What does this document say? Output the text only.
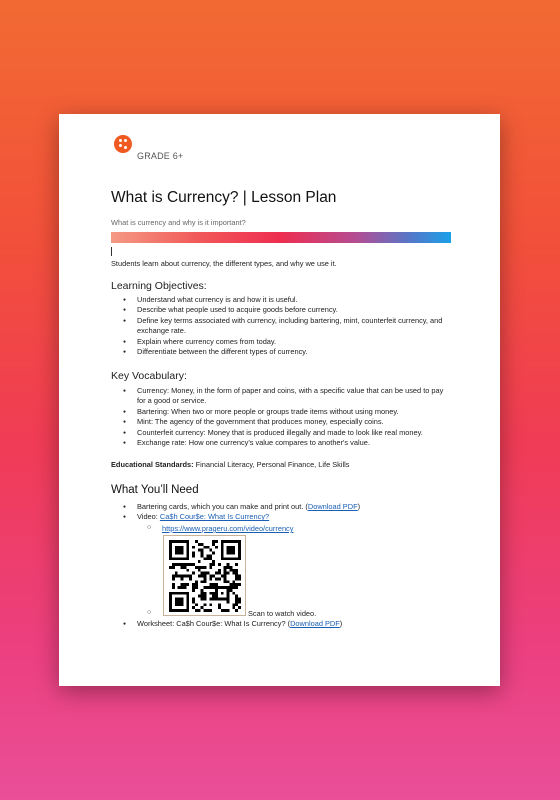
GRADE 6+
What is Currency? | Lesson Plan
What is currency and why is it important?
Students learn about currency, the different types, and why we use it.
Learning Objectives:
● Understand what currency is and how it is useful.
● Describe what people used to acquire goods before currency.
● Define key terms associated with currency, including bartering, mint, counterfeit currency, and exchange rate.
● Explain where currency comes from today.
● Differentiate between the different types of currency.
Key Vocabulary:
● Currency: Money, in the form of paper and coins, with a specific value that can be used to pay for a good or service.
● Bartering: When two or more people or groups trade items without using money.
● Mint: The agency of the government that produces money, especially coins.
● Counterfeit currency: Money that is produced illegally and made to look like real money.
● Exchange rate: How one currency's value compares to another's value.
Educational Standards: Financial Literacy, Personal Finance, Life Skills
What You’ll Need
● Bartering cards, which you can make and print out. (Download PDF)
● Video: Ca$h Cour$e: What Is Currency?
○ https://www.prageru.com/video/currency
○	Scan to watch video.
● Worksheet: Ca$h Cour$e: What Is Currency? (Download PDF)
